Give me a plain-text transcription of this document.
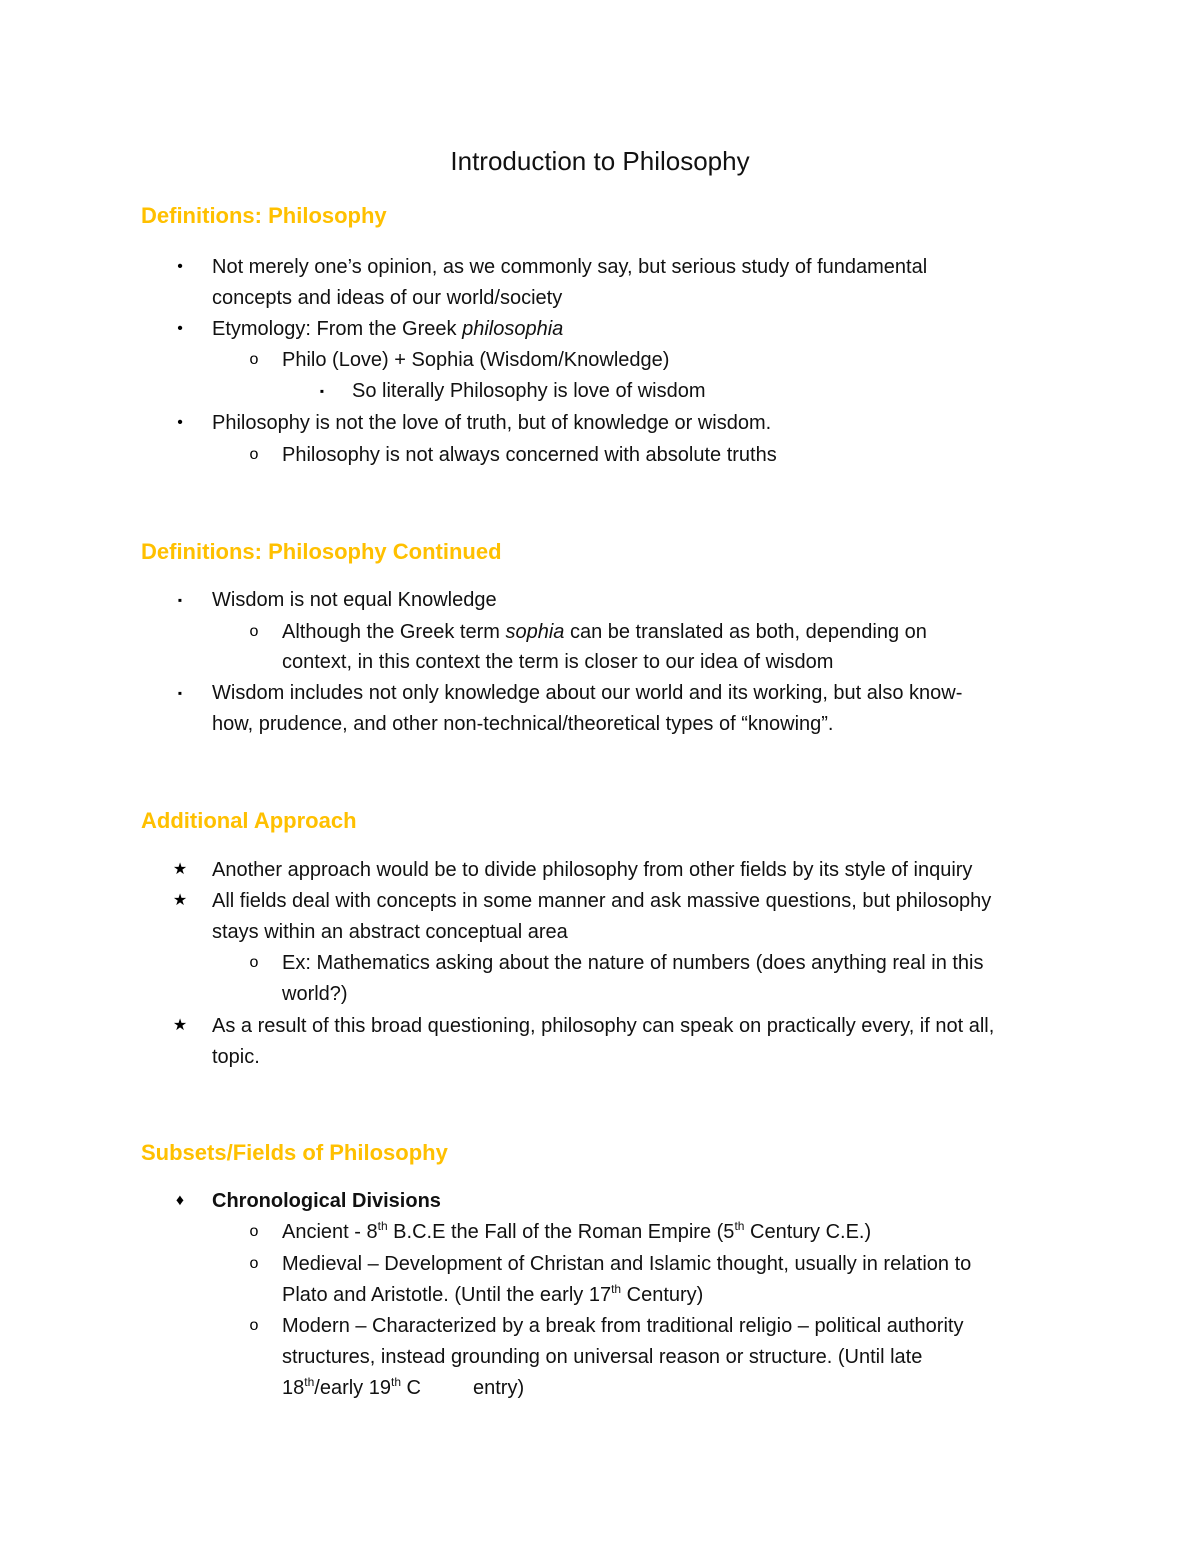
Introduction to Philosophy
Definitions: Philosophy
•	Not merely one’s opinion, as we commonly say, but serious study of fundamental
concepts and ideas of our world/society
•	Etymology: From the Greek philosophia
o Philo (Love) + Sophia (Wisdom/Knowledge)
▪	So literally Philosophy is love of wisdom
•	Philosophy is not the love of truth, but of knowledge or wisdom.
o Philosophy is not always concerned with absolute truths
Definitions: Philosophy Continued
▪	Wisdom is not equal Knowledge
o Although the Greek term sophia can be translated as both, depending on
context, in this context the term is closer to our idea of wisdom
▪	Wisdom includes not only knowledge about our world and its working, but also know-
how, prudence, and other non-technical/theoretical types of “knowing”.
Additional Approach
★ Another approach would be to divide philosophy from other fields by its style of inquiry
★ All fields deal with concepts in some manner and ask massive questions, but philosophy
stays within an abstract conceptual area
o Ex: Mathematics asking about the nature of numbers (does anything real in this
world?)
★ As a result of this broad questioning, philosophy can speak on practically every, if not all,
topic.
Subsets/Fields of Philosophy
♦ Chronological Divisions
o Ancient - 8th B.C.E the Fall of the Roman Empire (5th Century C.E.)
o Medieval – Development of Christan and Islamic thought, usually in relation to
Plato and Aristotle. (Until the early 17th Century)
o Modern – Characterized by a break from traditional religio – political authority
structures, instead grounding on universal reason or structure. (Until late
18th/early 19th C	entry)
